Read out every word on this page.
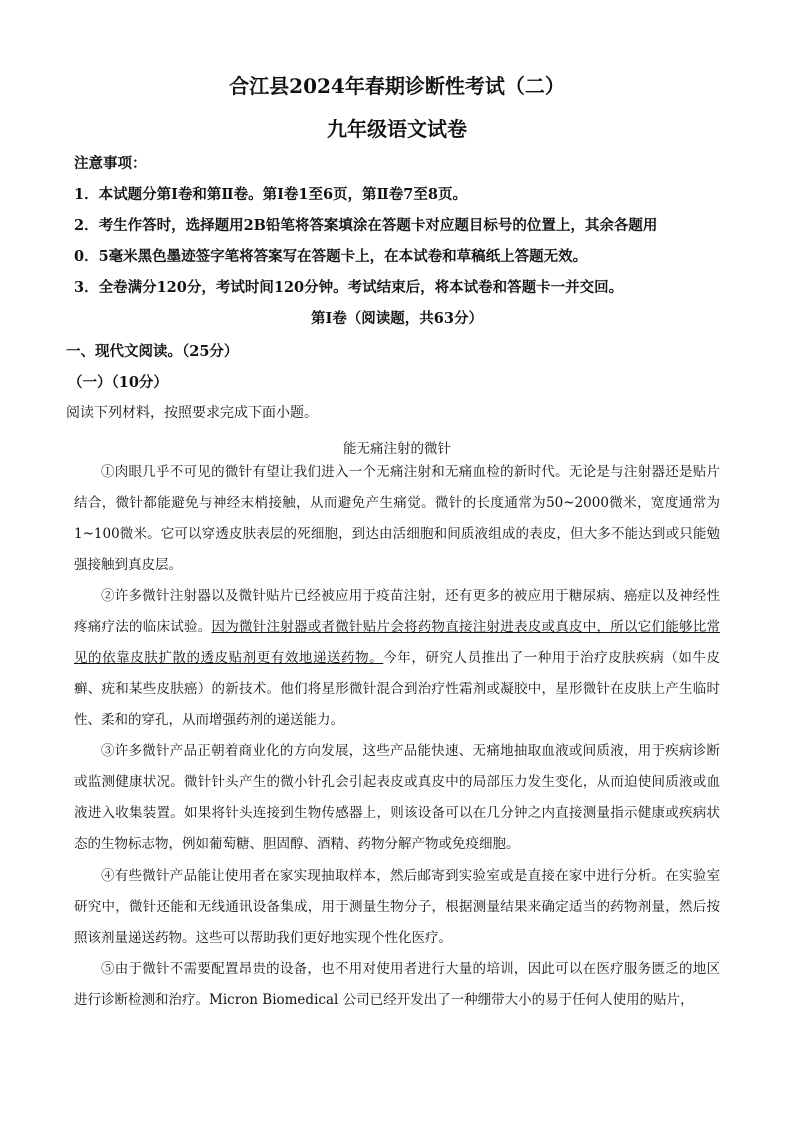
合江县2024年春期诊断性考试（二）
九年级语文试卷
注意事项：
1．本试题分第Ⅰ卷和第Ⅱ卷。第Ⅰ卷1至6页，第Ⅱ卷7至8页。
2．考生作答时，选择题用2B铅笔将答案填涂在答题卡对应题目标号的位置上，其余各题用
0．5毫米黑色墨迹签字笔将答案写在答题卡上，在本试卷和草稿纸上答题无效。
3．全卷满分120分，考试时间120分钟。考试结束后，将本试卷和答题卡一并交回。
第Ⅰ卷（阅读题，共63分）
一、现代文阅读。（25分）
（一）（10分）
阅读下列材料，按照要求完成下面小题。
能无痛注射的微针
①肉眼几乎不可见的微针有望让我们进入一个无痛注射和无痛血检的新时代。无论是与注射器还是贴片结合，微针都能避免与神经末梢接触，从而避免产生痛觉。微针的长度通常为50~2000微米，宽度通常为1~100微米。它可以穿透皮肤表层的死细胞，到达由活细胞和间质液组成的表皮，但大多不能达到或只能勉强接触到真皮层。
②许多微针注射器以及微针贴片已经被应用于疫苗注射，还有更多的被应用于糖尿病、癌症以及神经性疼痛疗法的临床试验。因为微针注射器或者微针贴片会将药物直接注射进表皮或真皮中，所以它们能够比常见的依靠皮肤扩散的透皮贴剂更有效地递送药物。今年，研究人员推出了一种用于治疗皮肤疾病（如牛皮癣、疣和某些皮肤癌）的新技术。他们将星形微针混合到治疗性霜剂或凝胶中，星形微针在皮肤上产生临时性、柔和的穿孔，从而增强药剂的递送能力。
③许多微针产品正朝着商业化的方向发展，这些产品能快速、无痛地抽取血液或间质液，用于疾病诊断或监测健康状况。微针针头产生的微小针孔会引起表皮或真皮中的局部压力发生变化，从而迫使间质液或血液进入收集装置。如果将针头连接到生物传感器上，则该设备可以在几分钟之内直接测量指示健康或疾病状态的生物标志物，例如葡萄糖、胆固醇、酒精、药物分解产物或免疫细胞。
④有些微针产品能让使用者在家实现抽取样本，然后邮寄到实验室或是直接在家中进行分析。在实验室研究中，微针还能和无线通讯设备集成，用于测量生物分子，根据测量结果来确定适当的药物剂量，然后按照该剂量递送药物。这些可以帮助我们更好地实现个性化医疗。
⑤由于微针不需要配置昂贵的设备，也不用对使用者进行大量的培训，因此可以在医疗服务匮乏的地区进行诊断检测和治疗。Micron Biomedical 公司已经开发出了一种绷带大小的易于任何人使用的贴片，
